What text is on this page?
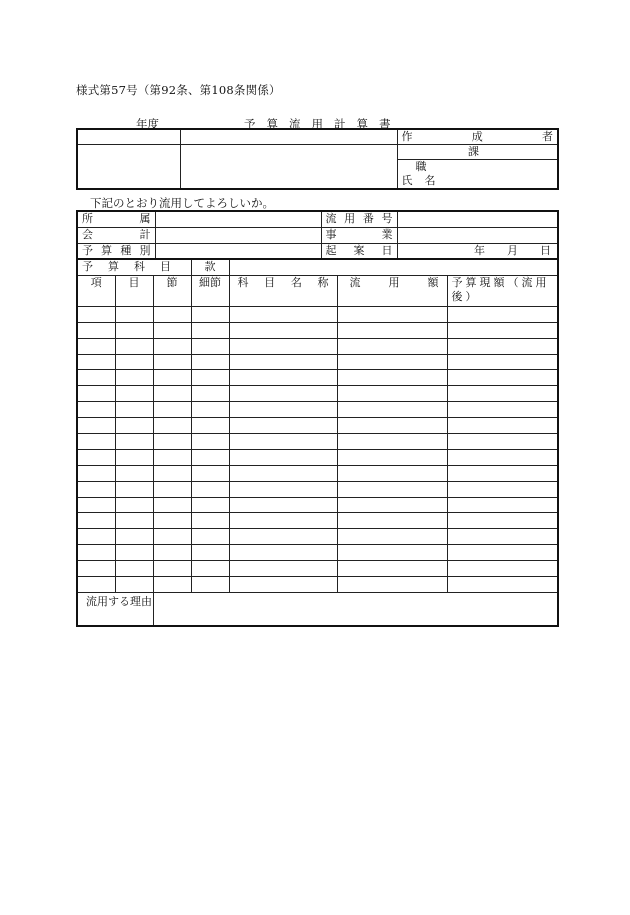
様式第57号（第92条、第108条関係）
年度	予算流用計算書

		作 成 者

		課
		職
		氏 名
下記のとおり流用してよろしいか。
所 属		流 用 番 号	

会 計		事 業	

予 算 種 別		起 案 日	年 月 日
予 算 科 目			款			
項	目	節	細節	科 目 名 称	流 用 額	予算現額（流用後）

流用する理由						
